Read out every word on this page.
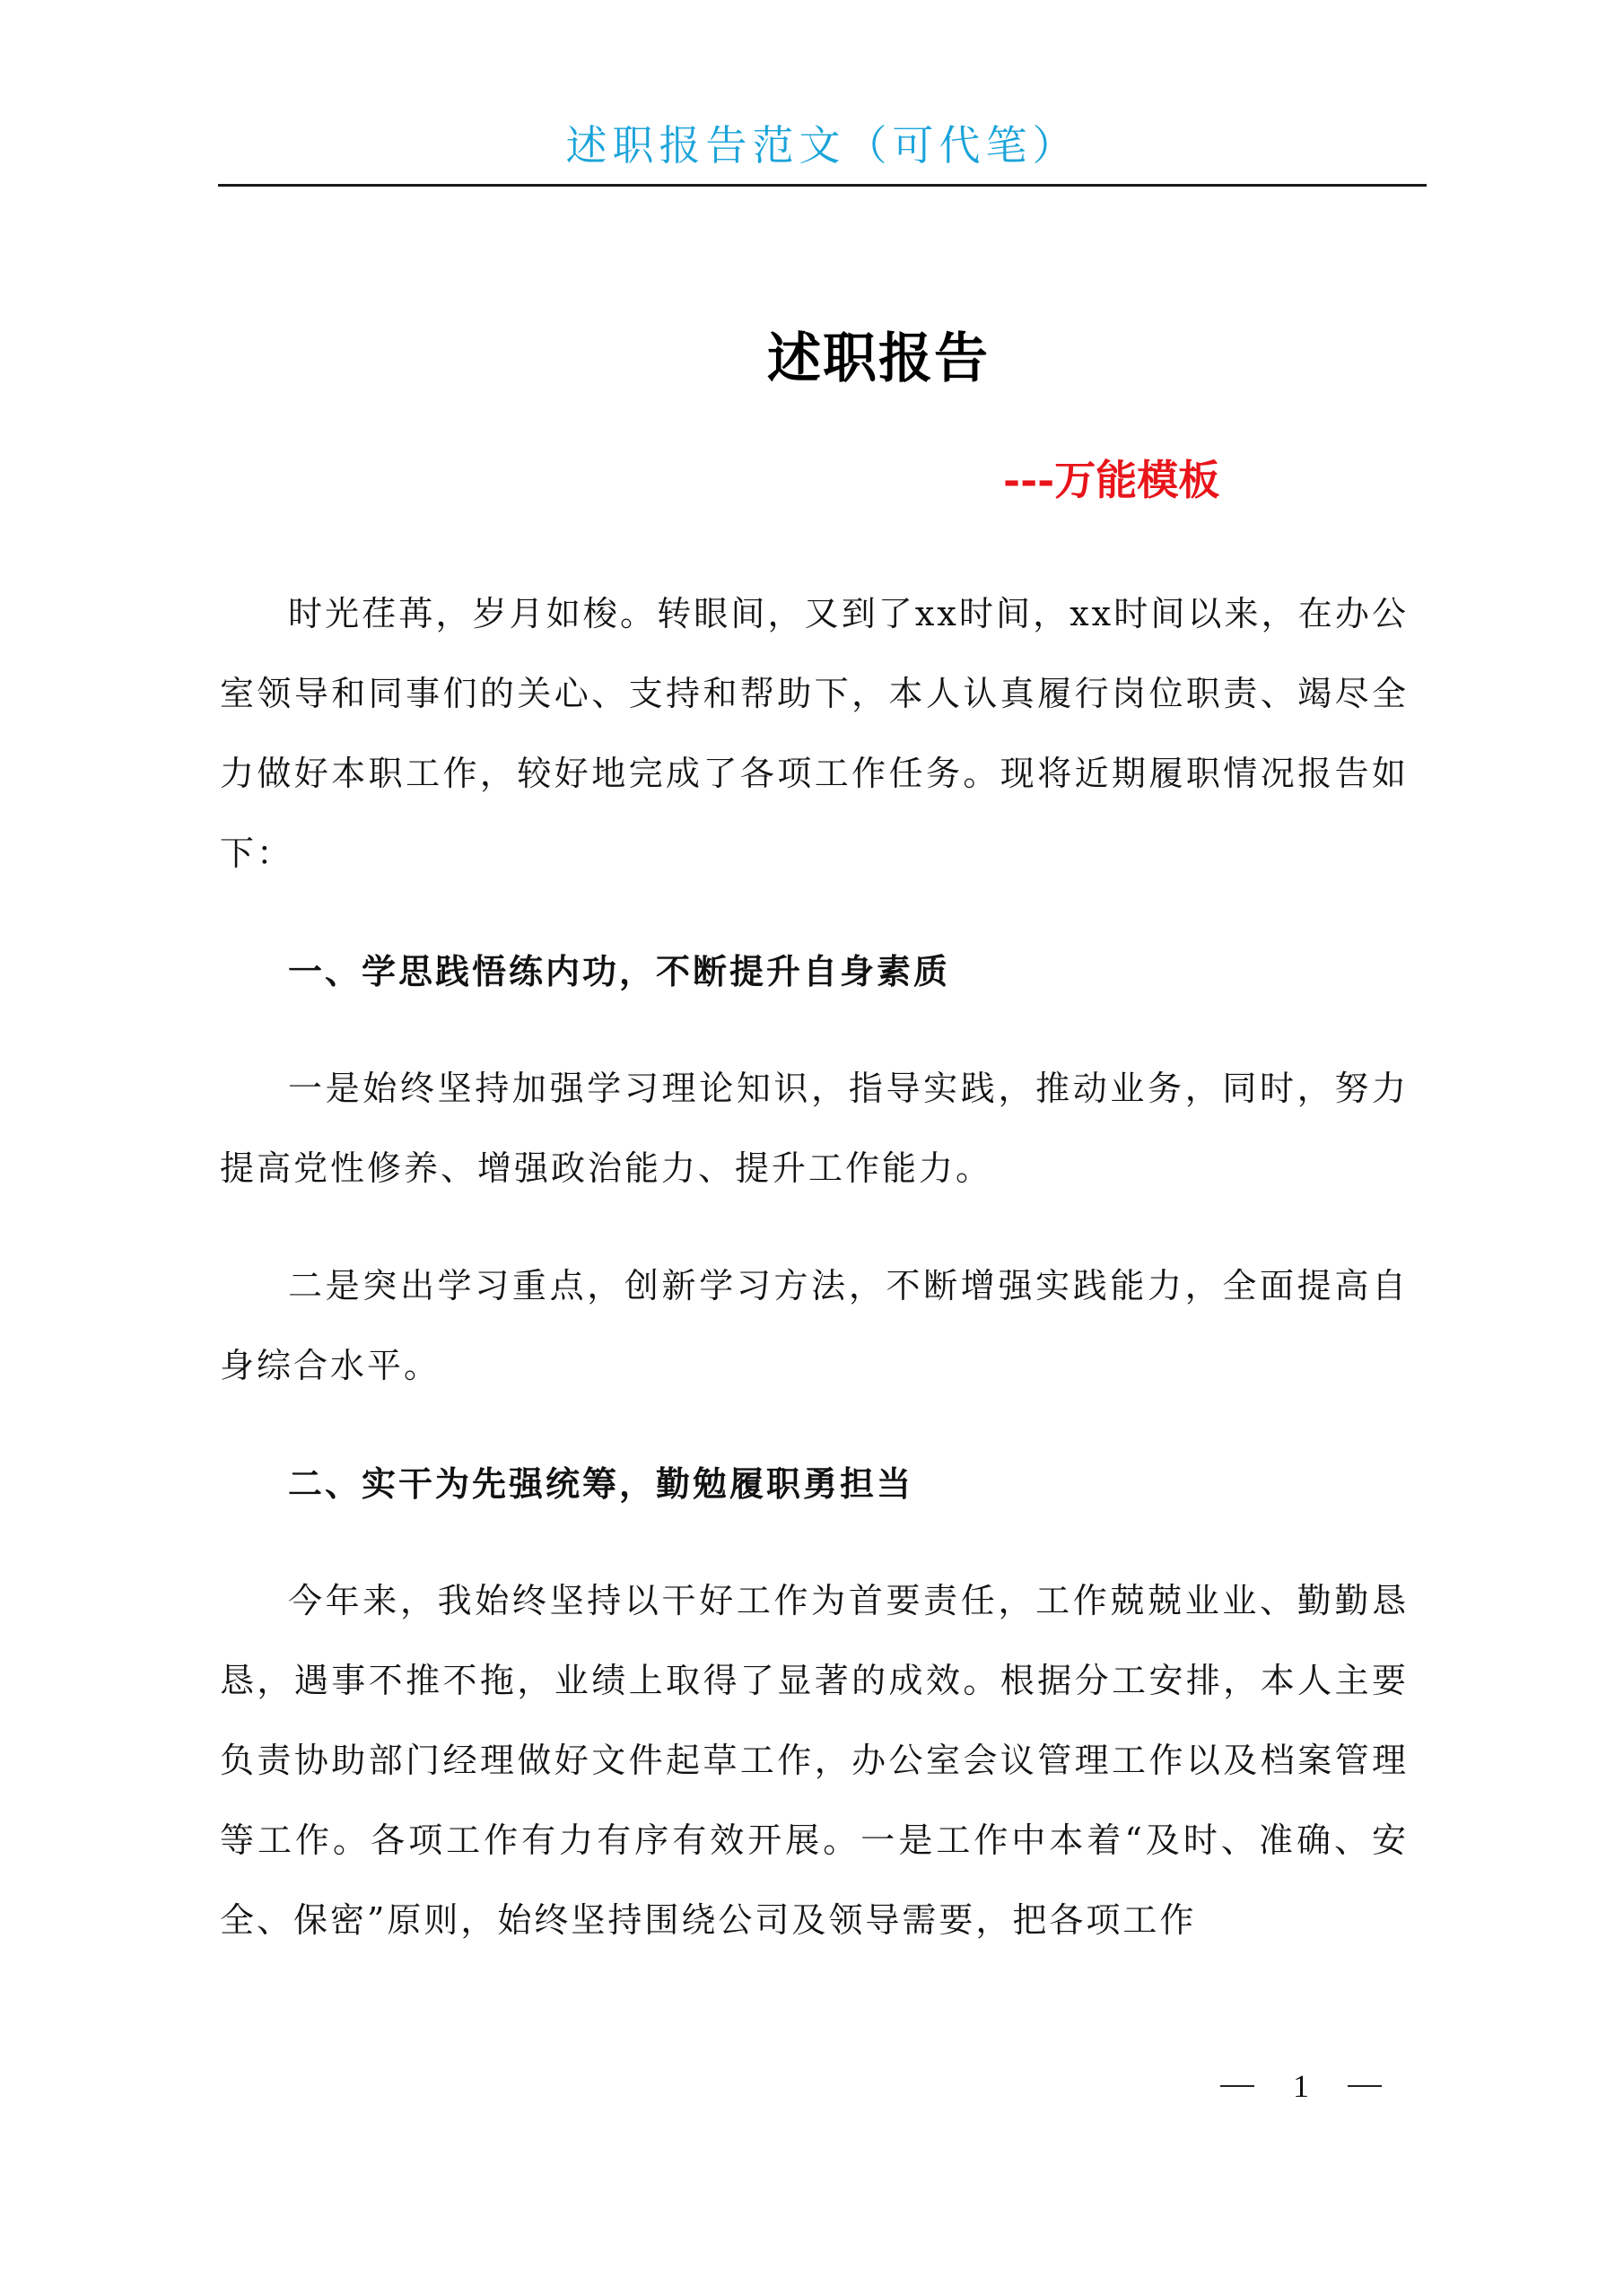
述职报告范文（可代笔）
述职报告
---万能模板

时光荏苒，岁月如梭。转眼间，又到了xx时间，xx时间以来，在办公室领导和同事们的关心、支持和帮助下，本人认真履行岗位职责、竭尽全力做好本职工作，较好地完成了各项工作任务。现将近期履职情况报告如下：

一、学思践悟练内功，不断提升自身素质

一是始终坚持加强学习理论知识，指导实践，推动业务，同时，努力提高党性修养、增强政治能力、提升工作能力。

二是突出学习重点，创新学习方法，不断增强实践能力，全面提高自身综合水平。

二、实干为先强统筹，勤勉履职勇担当

今年来，我始终坚持以干好工作为首要责任，工作兢兢业业、勤勤恳恳，遇事不推不拖，业绩上取得了显著的成效。根据分工安排，本人主要负责协助部门经理做好文件起草工作，办公室会议管理工作以及档案管理等工作。各项工作有力有序有效开展。一是工作中本着“及时、准确、安全、保密”原则，始终坚持围绕公司及领导需要，把各项工作

1
